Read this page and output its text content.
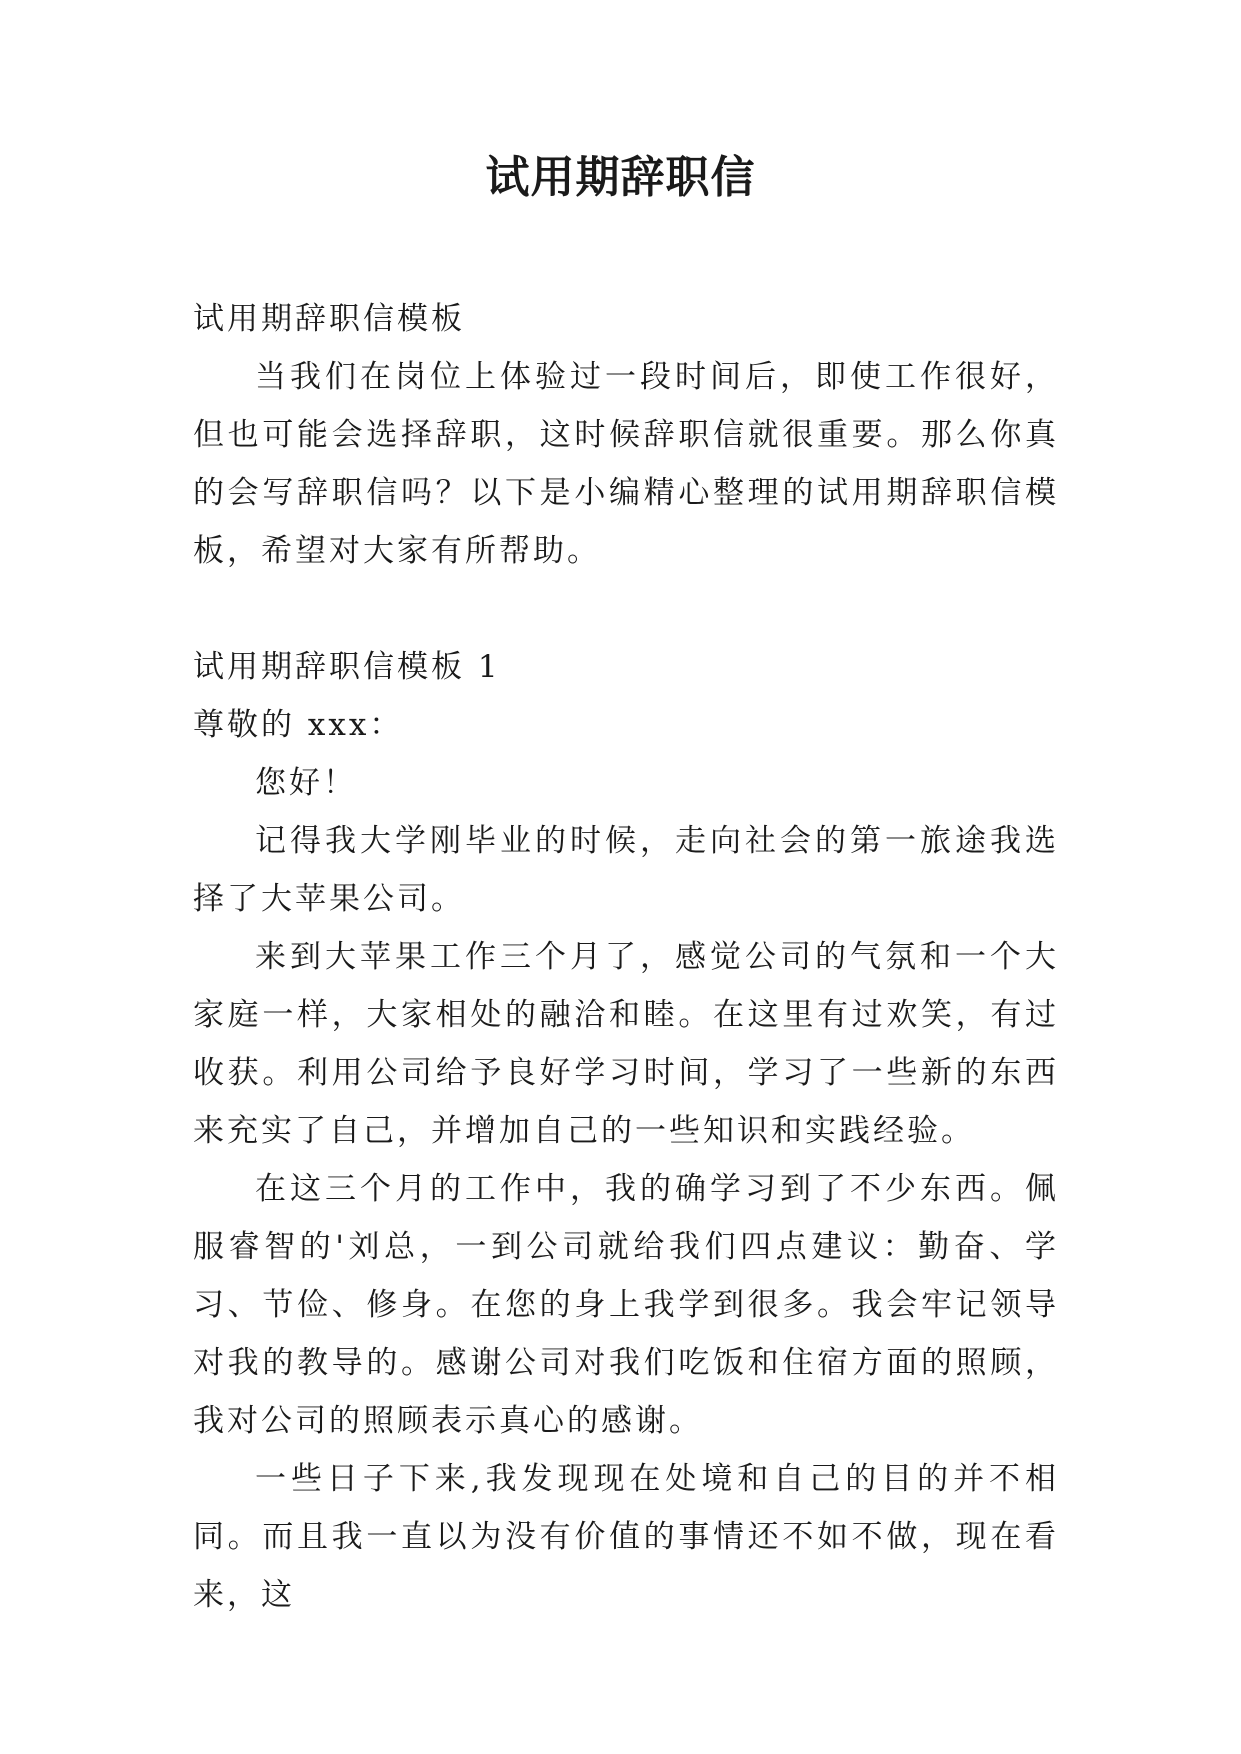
试用期辞职信

试用期辞职信模板

当我们在岗位上体验过一段时间后，即使工作很好，但也可能会选择辞职，这时候辞职信就很重要。那么你真的会写辞职信吗？以下是小编精心整理的试用期辞职信模板，希望对大家有所帮助。

试用期辞职信模板 1

尊敬的 xxx：

您好！

记得我大学刚毕业的时候，走向社会的第一旅途我选择了大苹果公司。

来到大苹果工作三个月了，感觉公司的气氛和一个大家庭一样，大家相处的融洽和睦。在这里有过欢笑，有过收获。利用公司给予良好学习时间，学习了一些新的东西来充实了自己，并增加自己的一些知识和实践经验。

在这三个月的工作中，我的确学习到了不少东西。佩服睿智的'刘总，一到公司就给我们四点建议：勤奋、学习、节俭、修身。在您的身上我学到很多。我会牢记领导对我的教导的。感谢公司对我们吃饭和住宿方面的照顾，我对公司的照顾表示真心的感谢。

一些日子下来,我发现现在处境和自己的目的并不相同。而且我一直以为没有价值的事情还不如不做，现在看来，这
